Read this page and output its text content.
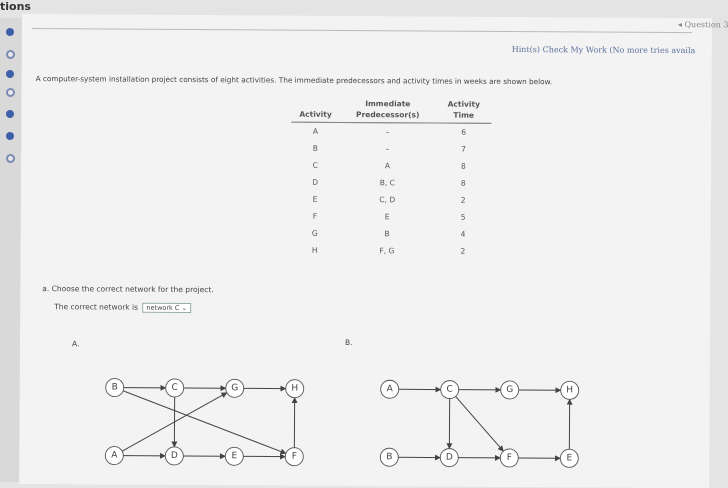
tions
◂ Question 3
Hint(s) Check My Work (No more tries availa
A computer-system installation project consists of eight activities. The immediate predecessors and activity times in weeks are shown below.
Activity	Immediate Predecessor(s)	Activity Time
A	–	6
B	–	7
C	A	8
D	B, C	8
E	C, D	2
F	E	5
G	B	4
H	F, G	2
a. Choose the correct network for the project.
The correct network is network C ⌄
A.	B.
B	C	G	H
A	D	E	F
A	C	G	H
B	D	F	E
